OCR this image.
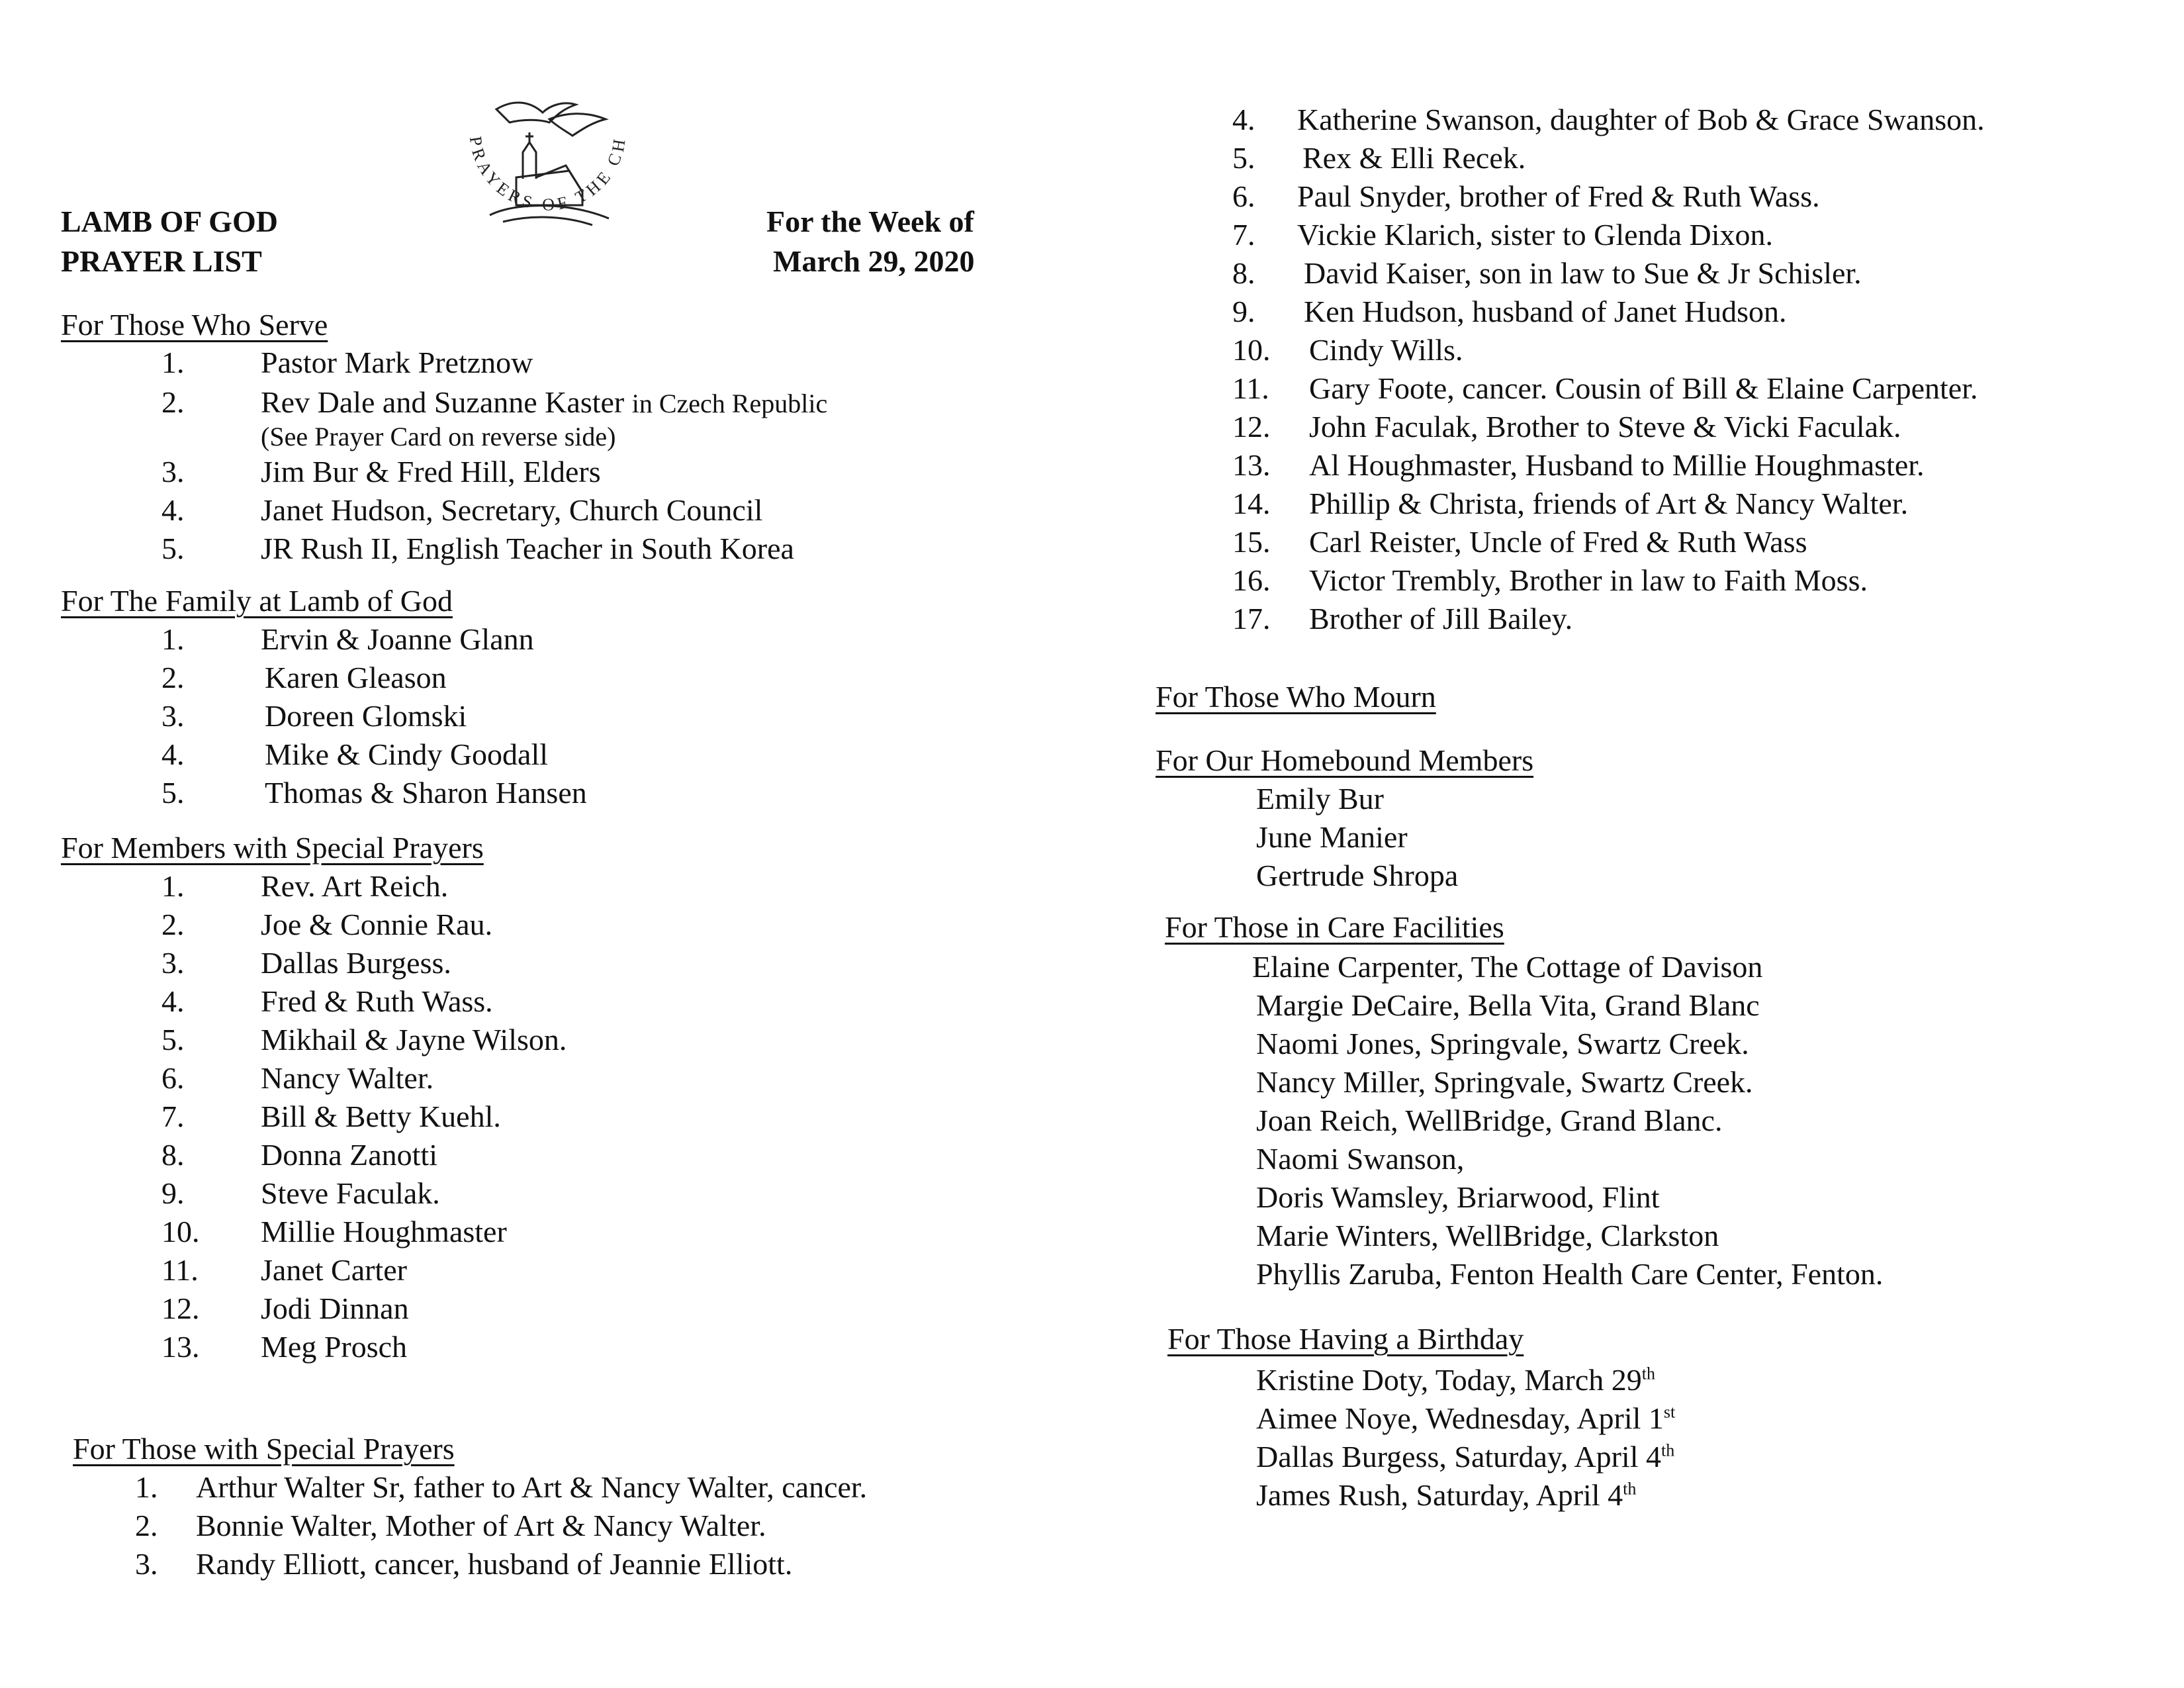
LAMB OF GOD
PRAYER LIST
For the Week of
March 29, 2020
PRAYERS OF THE CH
For Those Who Serve
1.	Pastor Mark Pretznow
2.	Rev Dale and Suzanne Kaster in Czech Republic
(See Prayer Card on reverse side)
3.	Jim Bur & Fred Hill, Elders
4.	Janet Hudson, Secretary, Church Council
5.	JR Rush II, English Teacher in South Korea
For The Family at Lamb of God
1.	Ervin & Joanne Glann
2.	Karen Gleason
3.	Doreen Glomski
4.	Mike & Cindy Goodall
5.	Thomas & Sharon Hansen
For Members with Special Prayers
1.	Rev. Art Reich.
2.	Joe & Connie Rau.
3.	Dallas Burgess.
4.	Fred & Ruth Wass.
5.	Mikhail & Jayne Wilson.
6.	Nancy Walter.
7.	Bill & Betty Kuehl.
8.	Donna Zanotti
9.	Steve Faculak.
10. Millie Houghmaster
11. Janet Carter
12. Jodi Dinnan
13. Meg Prosch
For Those with Special Prayers
1. Arthur Walter Sr, father to Art & Nancy Walter, cancer.
2. Bonnie Walter, Mother of Art & Nancy Walter.
3. Randy Elliott, cancer, husband of Jeannie Elliott.
4. Katherine Swanson, daughter of Bob & Grace Swanson.
5. Rex & Elli Recek.
6. Paul Snyder, brother of Fred & Ruth Wass.
7. Vickie Klarich, sister to Glenda Dixon.
8. David Kaiser, son in law to Sue & Jr Schisler.
9. Ken Hudson, husband of Janet Hudson.
10. Cindy Wills.
11. Gary Foote, cancer. Cousin of Bill & Elaine Carpenter.
12. John Faculak, Brother to Steve & Vicki Faculak.
13. Al Houghmaster, Husband to Millie Houghmaster.
14. Phillip & Christa, friends of Art & Nancy Walter.
15. Carl Reister, Uncle of Fred & Ruth Wass
16. Victor Trembly, Brother in law to Faith Moss.
17. Brother of Jill Bailey.
For Those Who Mourn
For Our Homebound Members
Emily Bur
June Manier
Gertrude Shropa
For Those in Care Facilities
Elaine Carpenter, The Cottage of Davison
Margie DeCaire, Bella Vita, Grand Blanc
Naomi Jones, Springvale, Swartz Creek.
Nancy Miller, Springvale, Swartz Creek.
Joan Reich, WellBridge, Grand Blanc.
Naomi Swanson,
Doris Wamsley, Briarwood, Flint
Marie Winters, WellBridge, Clarkston
Phyllis Zaruba, Fenton Health Care Center, Fenton.
For Those Having a Birthday
Kristine Doty, Today, March 29th
Aimee Noye, Wednesday, April 1st
Dallas Burgess, Saturday, April 4th
James Rush, Saturday, April 4th
